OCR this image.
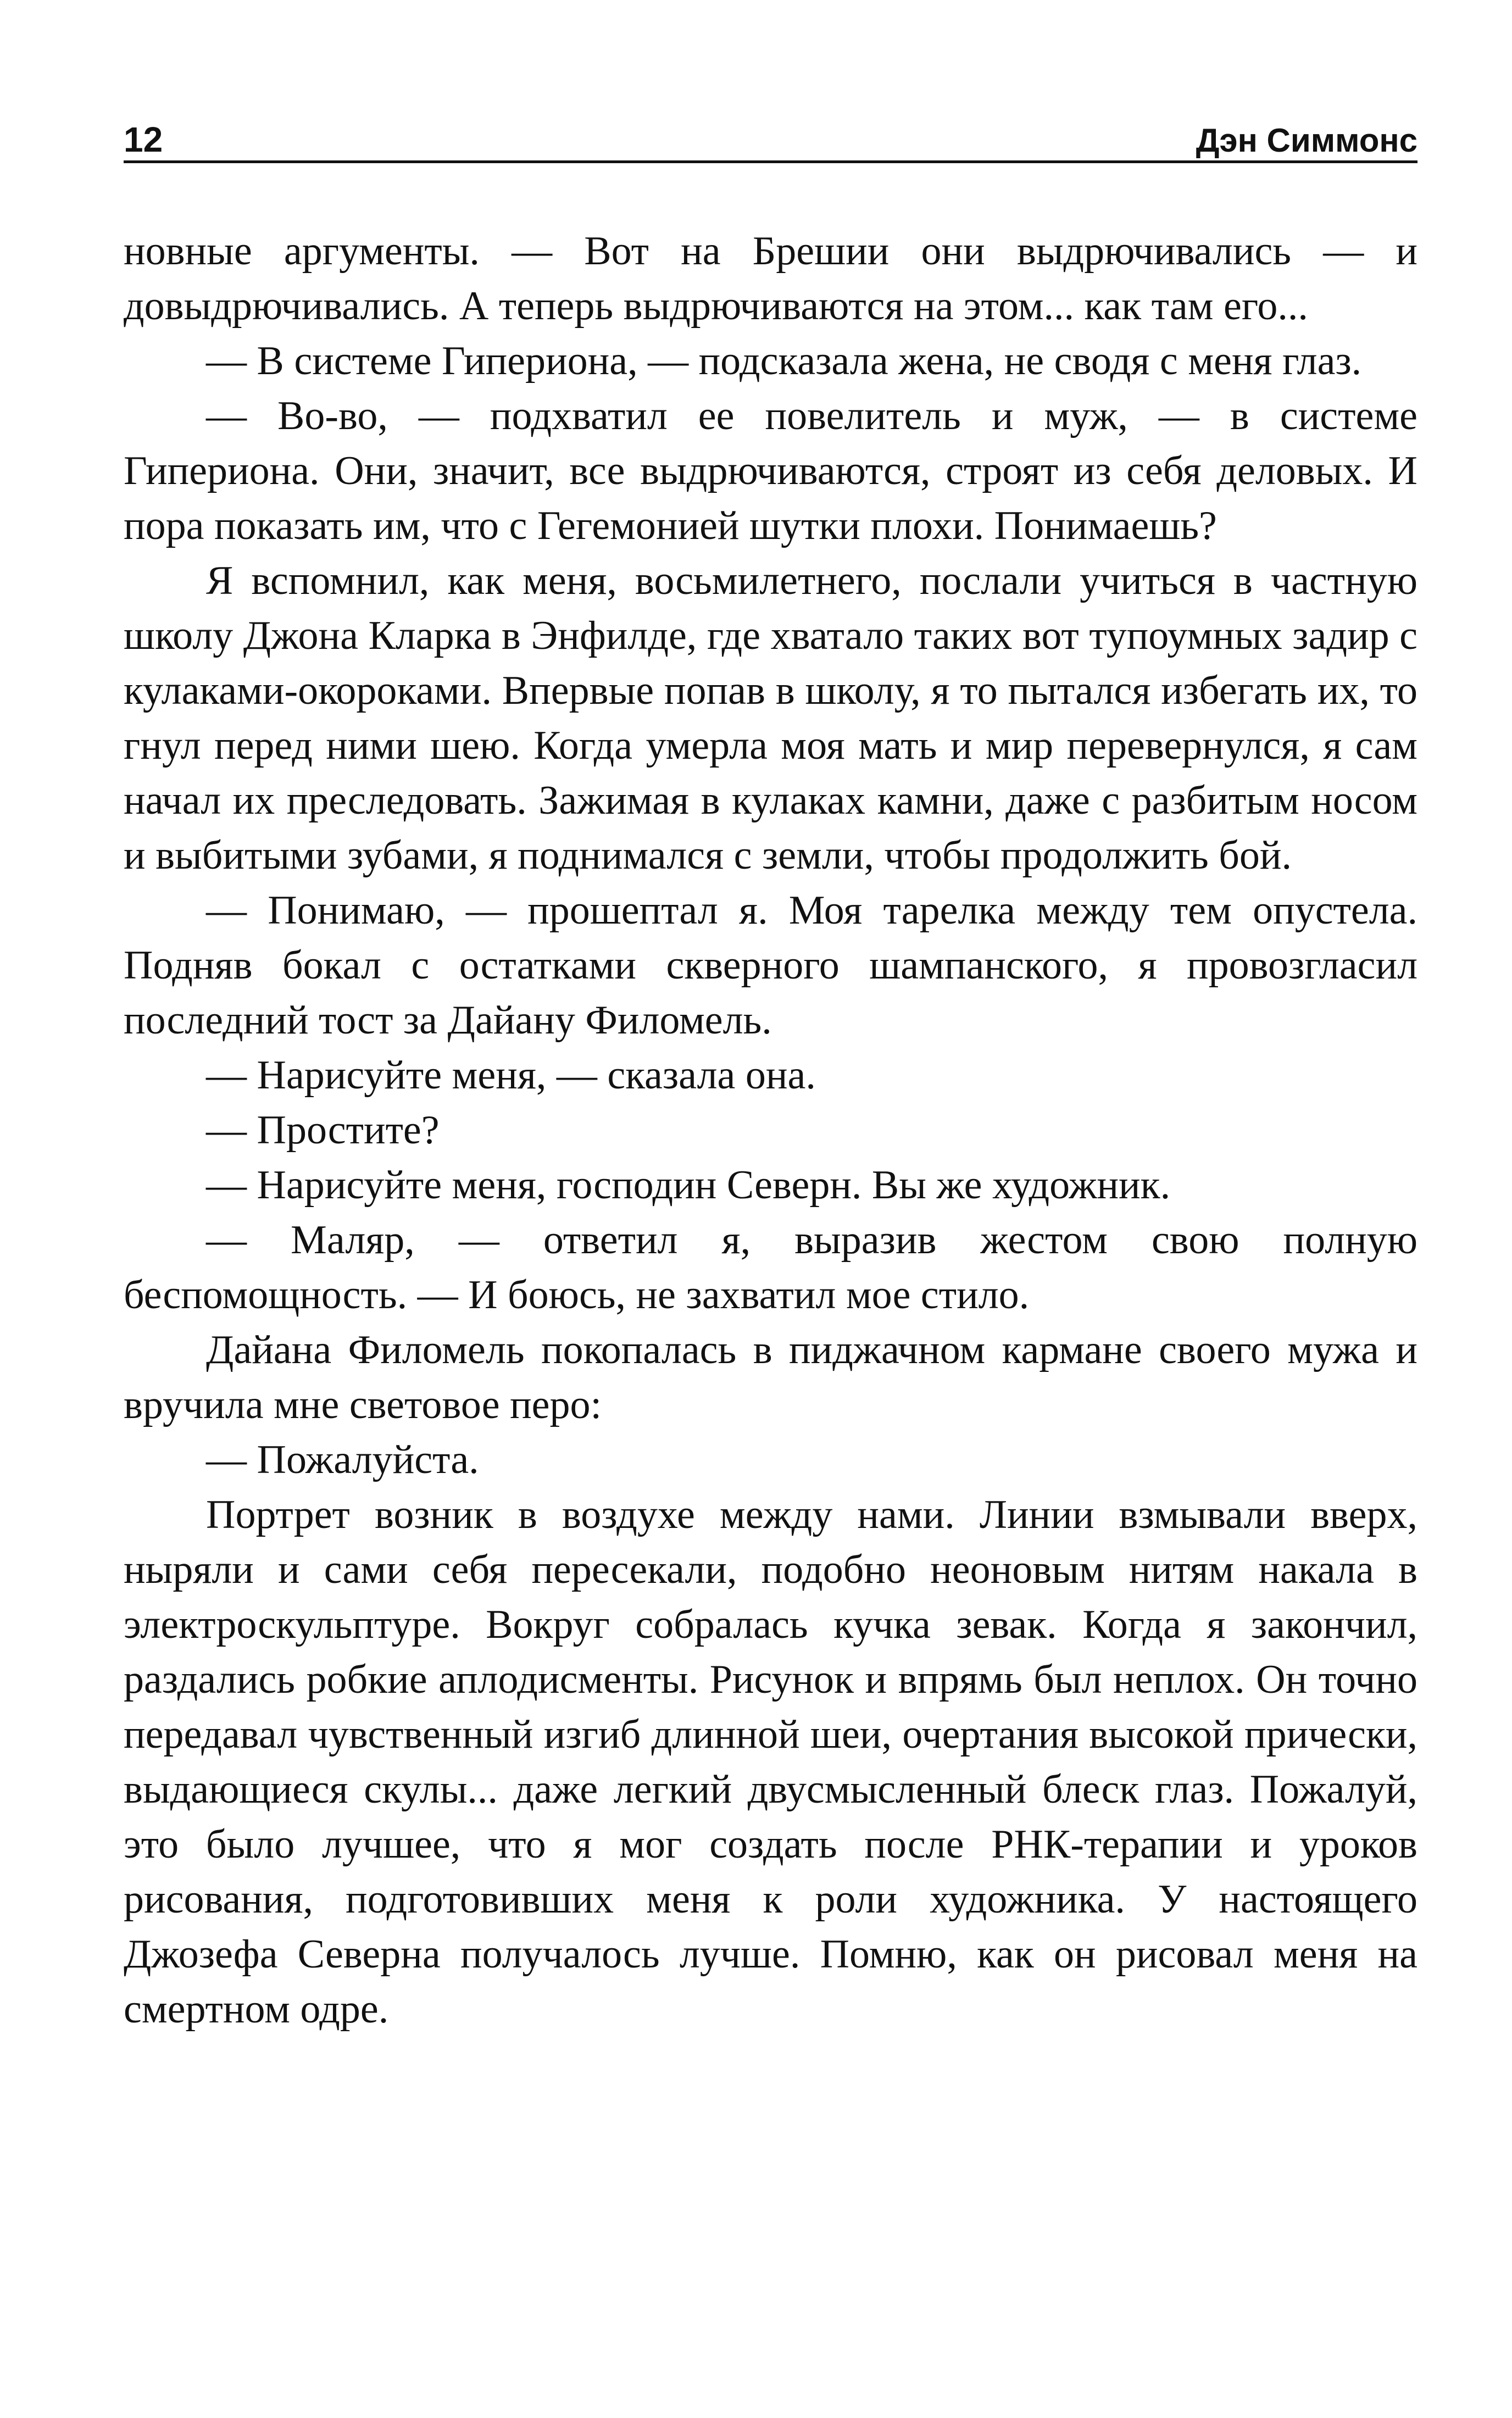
12	Дэн Симмонс

новные аргументы. — Вот на Брешии они выдрючивались — и довыдрючивались. А теперь выдрючиваются на этом... как там его...

— В системе Гипериона, — подсказала жена, не сводя с меня глаз.

— Во-во, — подхватил ее повелитель и муж, — в системе Гипериона. Они, значит, все выдрючиваются, строят из себя деловых. И пора показать им, что с Гегемонией шутки плохи. Понимаешь?

Я вспомнил, как меня, восьмилетнего, послали учиться в частную школу Джона Кларка в Энфилде, где хватало таких вот тупоумных задир с кулаками-окороками. Впервые попав в школу, я то пытался избегать их, то гнул перед ними шею. Когда умерла моя мать и мир перевернулся, я сам начал их преследовать. Зажимая в кулаках камни, даже с разбитым носом и выбитыми зубами, я поднимался с земли, чтобы продолжить бой.

— Понимаю, — прошептал я. Моя тарелка между тем опустела. Подняв бокал с остатками скверного шампанского, я провозгласил последний тост за Дайану Филомель.

— Нарисуйте меня, — сказала она.

— Простите?

— Нарисуйте меня, господин Северн. Вы же художник.

— Маляр, — ответил я, выразив жестом свою полную беспомощность. — И боюсь, не захватил мое стило.

Дайана Филомель покопалась в пиджачном кармане своего мужа и вручила мне световое перо:

— Пожалуйста.

Портрет возник в воздухе между нами. Линии взмывали вверх, ныряли и сами себя пересекали, подобно неоновым нитям накала в электроскульптуре. Вокруг собралась кучка зевак. Когда я закончил, раздались робкие аплодисменты. Рисунок и впрямь был неплох. Он точно передавал чувственный изгиб длинной шеи, очертания высокой прически, выдающиеся скулы... даже легкий двусмысленный блеск глаз. Пожалуй, это было лучшее, что я мог создать после РНК-терапии и уроков рисования, подготовивших меня к роли художника. У настоящего Джозефа Северна получалось лучше. Помню, как он рисовал меня на смертном одре.
